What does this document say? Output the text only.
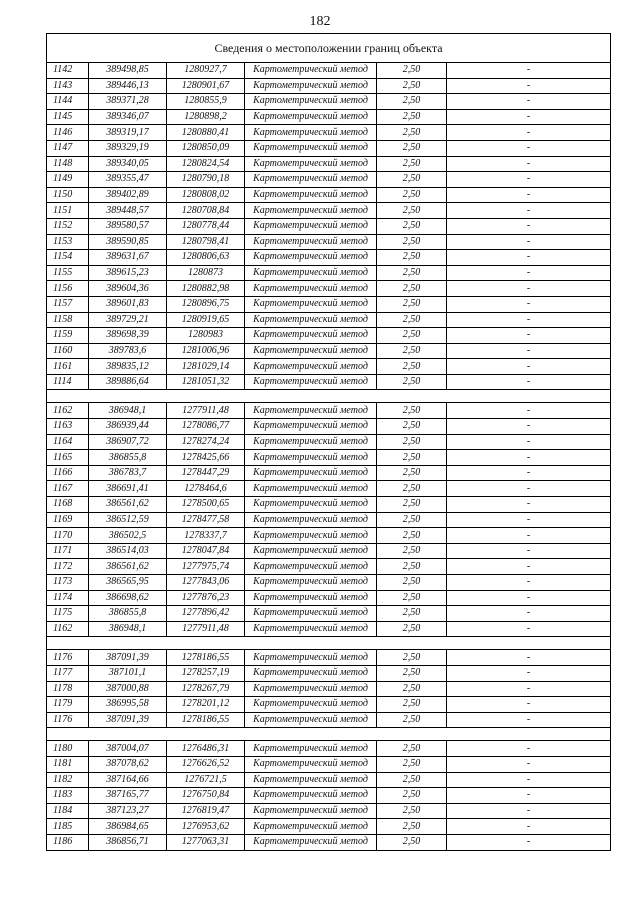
182
Сведения о местоположении границ объекта					
1142	389498,85	1280927,7	Картометрический метод	2,50	-
1143	389446,13	1280901,67	Картометрический метод	2,50	-
1144	389371,28	1280855,9	Картометрический метод	2,50	-
1145	389346,07	1280898,2	Картометрический метод	2,50	-
1146	389319,17	1280880,41	Картометрический метод	2,50	-
1147	389329,19	1280850,09	Картометрический метод	2,50	-
1148	389340,05	1280824,54	Картометрический метод	2,50	-
1149	389355,47	1280790,18	Картометрический метод	2,50	-
1150	389402,89	1280808,02	Картометрический метод	2,50	-
1151	389448,57	1280708,84	Картометрический метод	2,50	-
1152	389580,57	1280778,44	Картометрический метод	2,50	-
1153	389590,85	1280798,41	Картометрический метод	2,50	-
1154	389631,67	1280806,63	Картометрический метод	2,50	-
1155	389615,23	1280873	Картометрический метод	2,50	-
1156	389604,36	1280882,98	Картометрический метод	2,50	-
1157	389601,83	1280896,75	Картометрический метод	2,50	-
1158	389729,21	1280919,65	Картометрический метод	2,50	-
1159	389698,39	1280983	Картометрический метод	2,50	-
1160	389783,6	1281006,96	Картометрический метод	2,50	-
1161	389835,12	1281029,14	Картометрический метод	2,50	-
1114	389886,64	1281051,32	Картометрический метод	2,50	-

1162	386948,1	1277911,48	Картометрический метод	2,50	-
1163	386939,44	1278086,77	Картометрический метод	2,50	-
1164	386907,72	1278274,24	Картометрический метод	2,50	-
1165	386855,8	1278425,66	Картометрический метод	2,50	-
1166	386783,7	1278447,29	Картометрический метод	2,50	-
1167	386691,41	1278464,6	Картометрический метод	2,50	-
1168	386561,62	1278500,65	Картометрический метод	2,50	-
1169	386512,59	1278477,58	Картометрический метод	2,50	-
1170	386502,5	1278337,7	Картометрический метод	2,50	-
1171	386514,03	1278047,84	Картометрический метод	2,50	-
1172	386561,62	1277975,74	Картометрический метод	2,50	-
1173	386565,95	1277843,06	Картометрический метод	2,50	-
1174	386698,62	1277876,23	Картометрический метод	2,50	-
1175	386855,8	1277896,42	Картометрический метод	2,50	-
1162	386948,1	1277911,48	Картометрический метод	2,50	-

1176	387091,39	1278186,55	Картометрический метод	2,50	-
1177	387101,1	1278257,19	Картометрический метод	2,50	-
1178	387000,88	1278267,79	Картометрический метод	2,50	-
1179	386995,58	1278201,12	Картометрический метод	2,50	-
1176	387091,39	1278186,55	Картометрический метод	2,50	-

1180	387004,07	1276486,31	Картометрический метод	2,50	-
1181	387078,62	1276626,52	Картометрический метод	2,50	-
1182	387164,66	1276721,5	Картометрический метод	2,50	-
1183	387165,77	1276750,84	Картометрический метод	2,50	-
1184	387123,27	1276819,47	Картометрический метод	2,50	-
1185	386984,65	1276953,62	Картометрический метод	2,50	-
1186	386856,71	1277063,31	Картометрический метод	2,50	-
